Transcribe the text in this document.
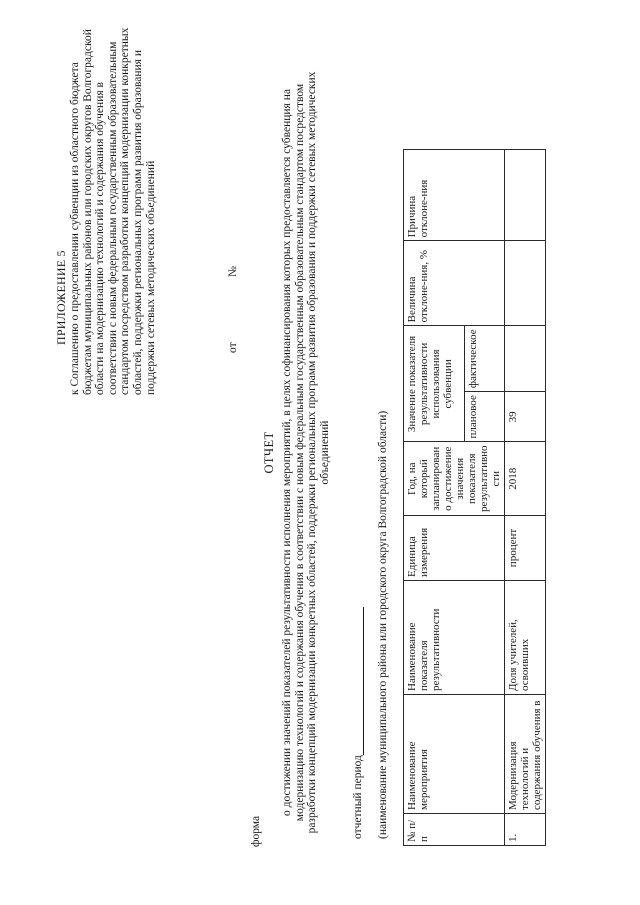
ПРИЛОЖЕНИЕ 5 к Соглашению о предоставлении субвенции из областного бюджета бюджетам муниципальных районов или городских округов Волгоградской области на модернизацию технологий и содержания обучения в соответствии с новым федеральным государственным образовательным стандартом посредством разработки концепций модернизации конкретных областей, поддержки региональных программ развития образования и поддержки сетевых методических объединений	от
№
форма
ОТЧЕТ о достижении значений показателей результативности исполнения мероприятий, в целях софинансирования которых предоставляется субвенция на модернизацию технологий и содержания обучения в соответствии с новым федеральным государственным образовательным стандартом посредством разработки концепций модернизации конкретных областей, поддержки региональных программ развития образования и поддержки сетевых методических объединений
отчетный период (наименование муниципального района или городского округа Волгоградской области) № п/п	Наименование мероприятия	Наименование показателя результативности	Единица измерения	Год, на который запланирован о достижение значения показателя результативно сти	Значение показателя результативности использования субвенции		Величина отклоне-ния, %	Причина отклоне-ния
					плановое	фактическое		
1.	Модернизация технологий и содержания обучения в	Доля учителей, освоивших	процент	2018	39			
